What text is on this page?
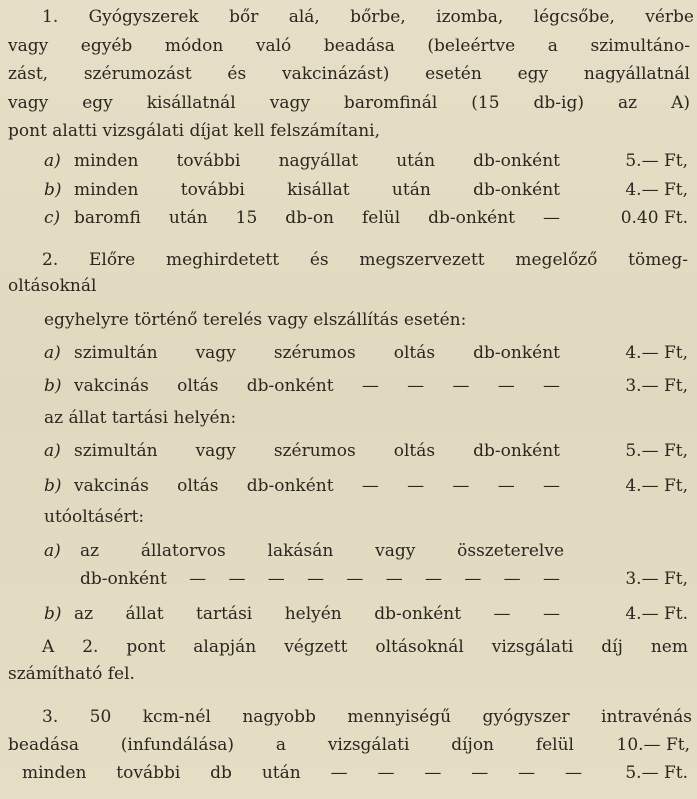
1. Gyógyszerek bőr alá, bőrbe, izomba, légcsőbe, vérbe
vagy egyéb módon való beadása (beleértve a szimultáno-
zást, szérumozást és vakcinázást) esetén egy nagyállatnál
vagy egy kisállatnál vagy baromfinál (15 db-ig) az A)
pont alatti vizsgálati díjat kell felszámítani,
a) minden további nagyállat után db-onként	5.— Ft,
b) minden további kisállat után db-onként	4.— Ft,
c) baromfi után 15 db-on felül db-onként —	0.40 Ft.
2. Előre meghirdetett és megszervezett megelőző tömeg-
oltásoknál
egyhelyre történő terelés vagy elszállítás esetén:
a) szimultán vagy szérumos oltás db-onként	4.— Ft,
b) vakcinás oltás db-onként — — — — —	3.— Ft,
az állat tartási helyén:
a) szimultán vagy szérumos oltás db-onként	5.— Ft,
b) vakcinás oltás db-onként — — — — —	4.— Ft,
utóoltásért:
a) az állatorvos lakásán vagy összeterelve
db-onként — — — — — — — — — —	3.— Ft,
b) az állat tartási helyén db-onként — —	4.— Ft.
A 2. pont alapján végzett oltásoknál vizsgálati díj nem
számítható fel.
3. 50 kcm-nél nagyobb mennyiségű gyógyszer intravénás
beadása (infundálása) a vizsgálati díjon felül	10.— Ft,
minden további db után — — — — — —	5.— Ft.
